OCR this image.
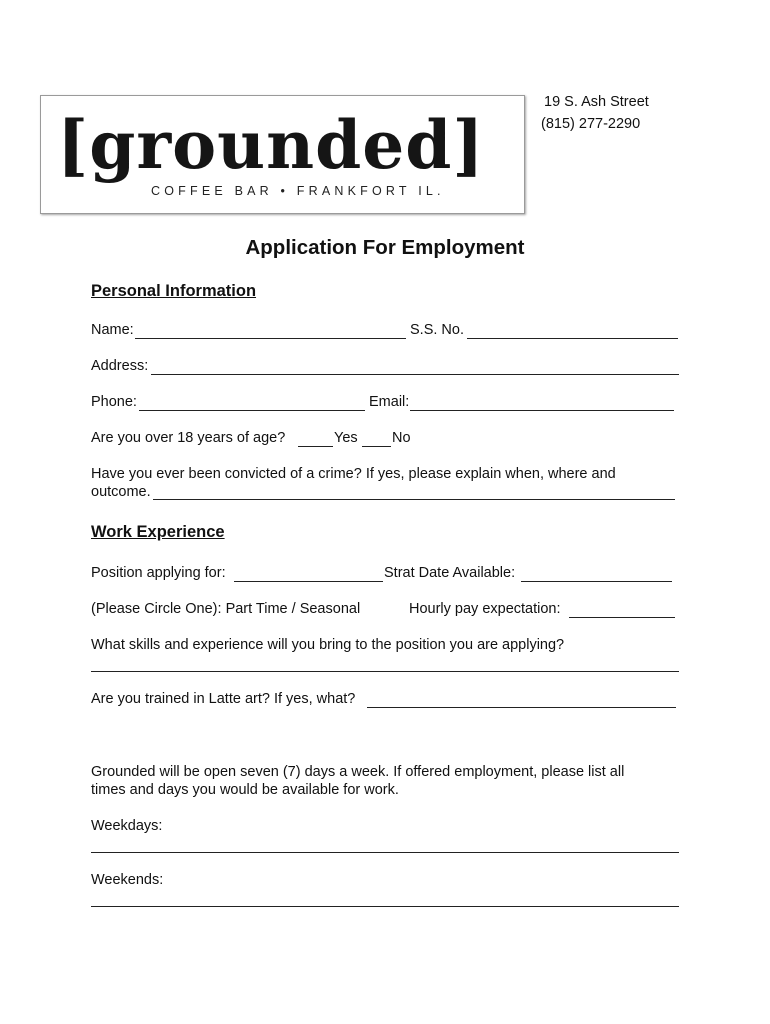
[grounded]
COFFEE BAR • FRANKFORT IL.
19 S. Ash Street
(815) 277-2290
Application For Employment
Personal Information
Name:	S.S. No.
Address:
Phone:	Email:
Are you over 18 years of age?	Yes No
Have you ever been convicted of a crime? If yes, please explain when, where and
outcome.
Work Experience
Position applying for:	Strat Date Available:
(Please Circle One): Part Time / Seasonal	Hourly pay expectation:
What skills and experience will you bring to the position you are applying?
Are you trained in Latte art? If yes, what?
Grounded will be open seven (7) days a week. If offered employment, please list all
times and days you would be available for work.
Weekdays:
Weekends:
